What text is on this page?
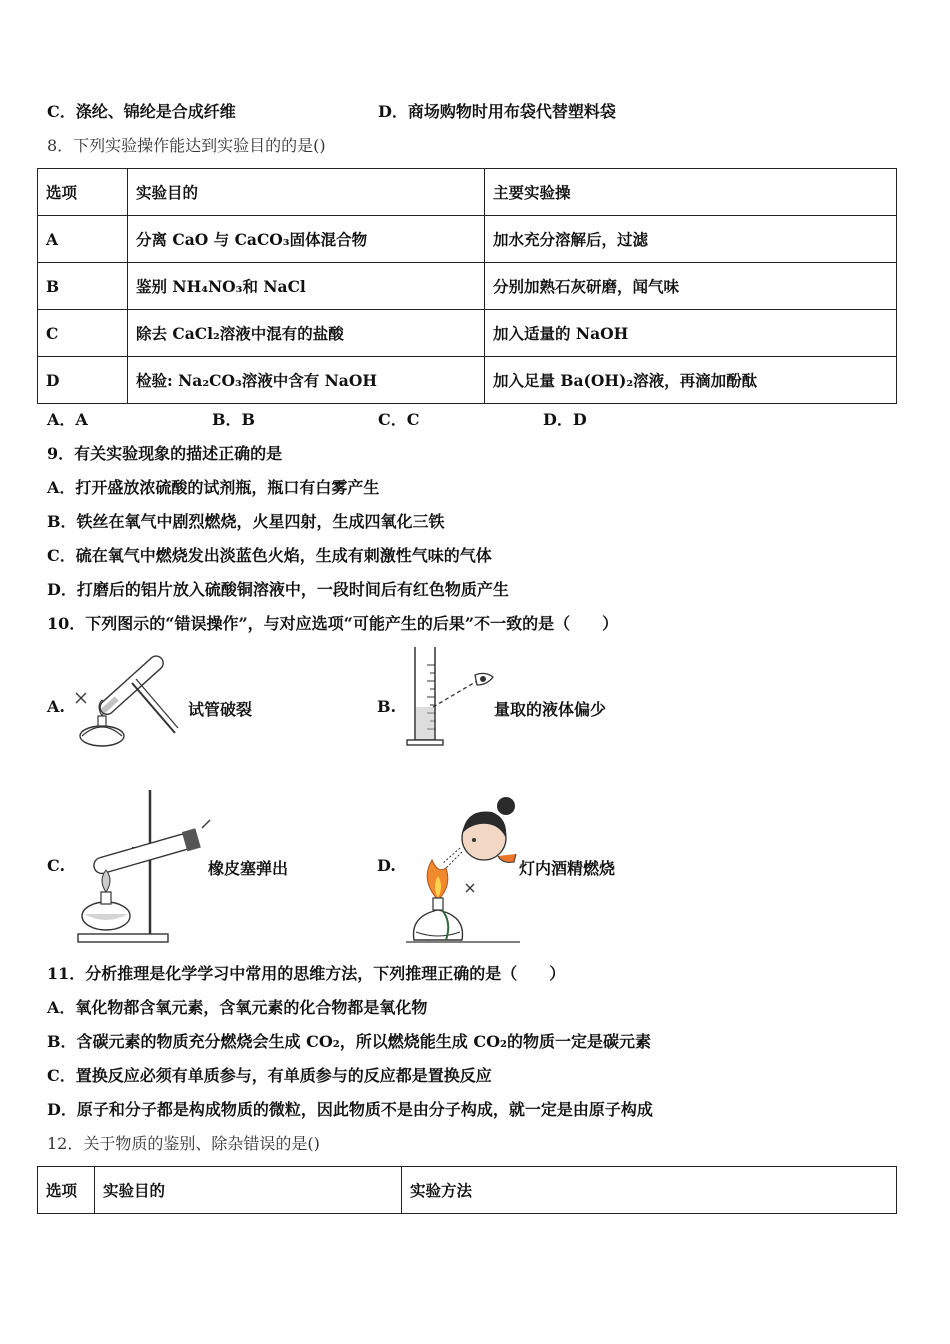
C．涤纶、锦纶是合成纤维	D．商场购物时用布袋代替塑料袋
8．下列实验操作能达到实验目的的是()
选项	实验目的	主要实验操
A	分离 CaO 与 CaCO₃固体混合物	加水充分溶解后，过滤
B	鉴别 NH₄NO₃和 NaCl	分别加熟石灰研磨，闻气味
C	除去 CaCl₂溶液中混有的盐酸	加入适量的 NaOH
D	检验: Na₂CO₃溶液中含有 NaOH	加入足量 Ba(OH)₂溶液，再滴加酚酞
A．A	B．B	C．C	D．D
9．有关实验现象的描述正确的是
A．打开盛放浓硫酸的试剂瓶，瓶口有白雾产生
B．铁丝在氧气中剧烈燃烧，火星四射，生成四氧化三铁
C．硫在氧气中燃烧发出淡蓝色火焰，生成有刺激性气味的气体
D．打磨后的铝片放入硫酸铜溶液中，一段时间后有红色物质产生
10．下列图示的“错误操作”，与对应选项“可能产生的后果”不一致的是（　　）
A.	试管破裂	B.	量取的液体偏少
C.	橡皮塞弹出	D.	灯内酒精燃烧
11．分析推理是化学学习中常用的思维方法，下列推理正确的是（　　）
A．氧化物都含氧元素，含氧元素的化合物都是氧化物
B．含碳元素的物质充分燃烧会生成 CO₂，所以燃烧能生成 CO₂的物质一定是碳元素
C．置换反应必须有单质参与，有单质参与的反应都是置换反应
D．原子和分子都是构成物质的微粒，因此物质不是由分子构成，就一定是由原子构成
12．关于物质的鉴别、除杂错误的是()
选项	实验目的	实验方法
